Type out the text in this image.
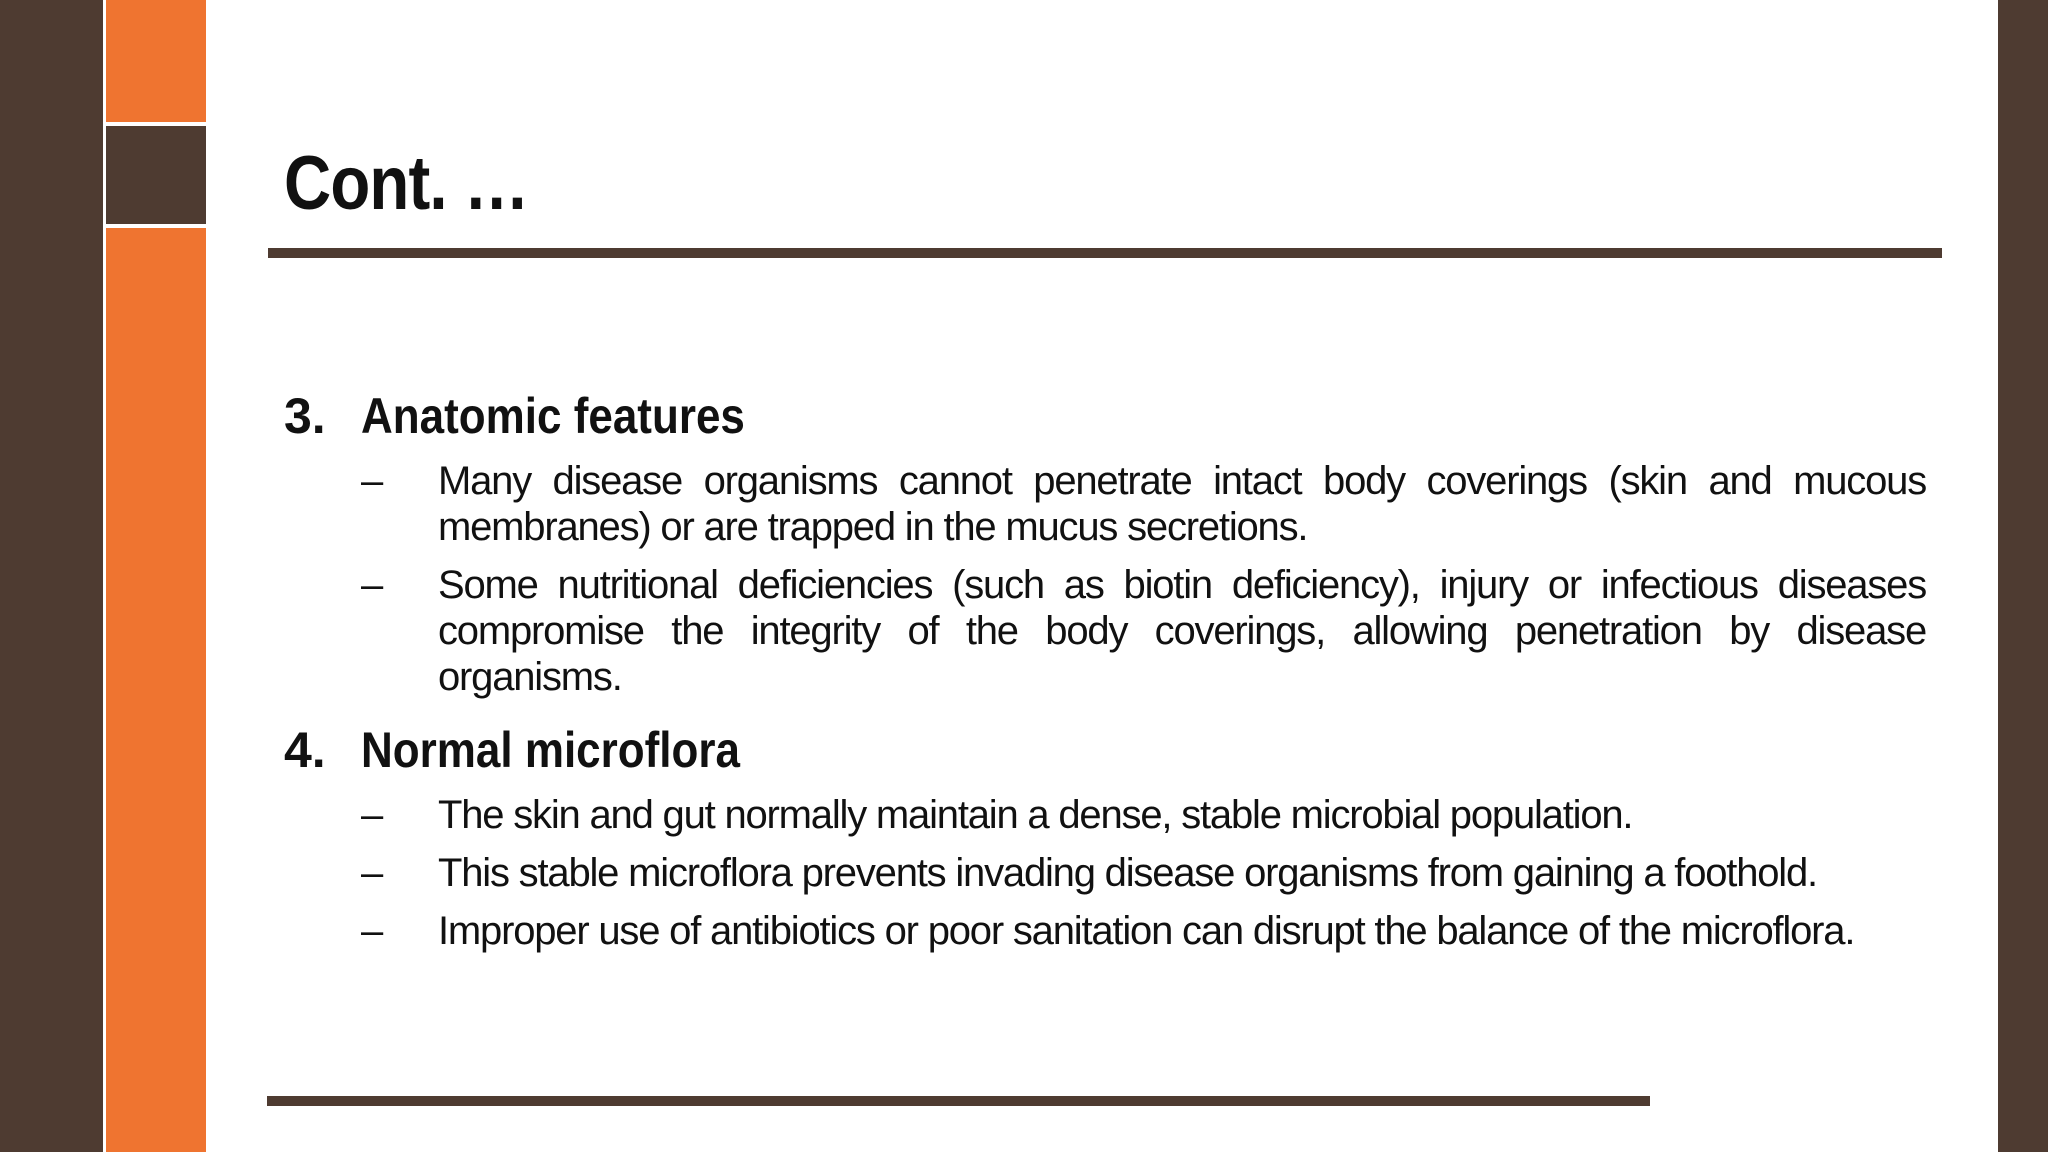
Cont. …
3. Anatomic features
–	Many disease organisms cannot penetrate intact body coverings (skin and mucous membranes) or are trapped in the mucus secretions.
–	Some nutritional deficiencies (such as biotin deficiency), injury or infectious diseases compromise the integrity of the body coverings, allowing penetration by disease organisms.
4. Normal microflora
–	The skin and gut normally maintain a dense, stable microbial population.
–	This stable microflora prevents invading disease organisms from gaining a foothold.
–	Improper use of antibiotics or poor sanitation can disrupt the balance of the microflora.
